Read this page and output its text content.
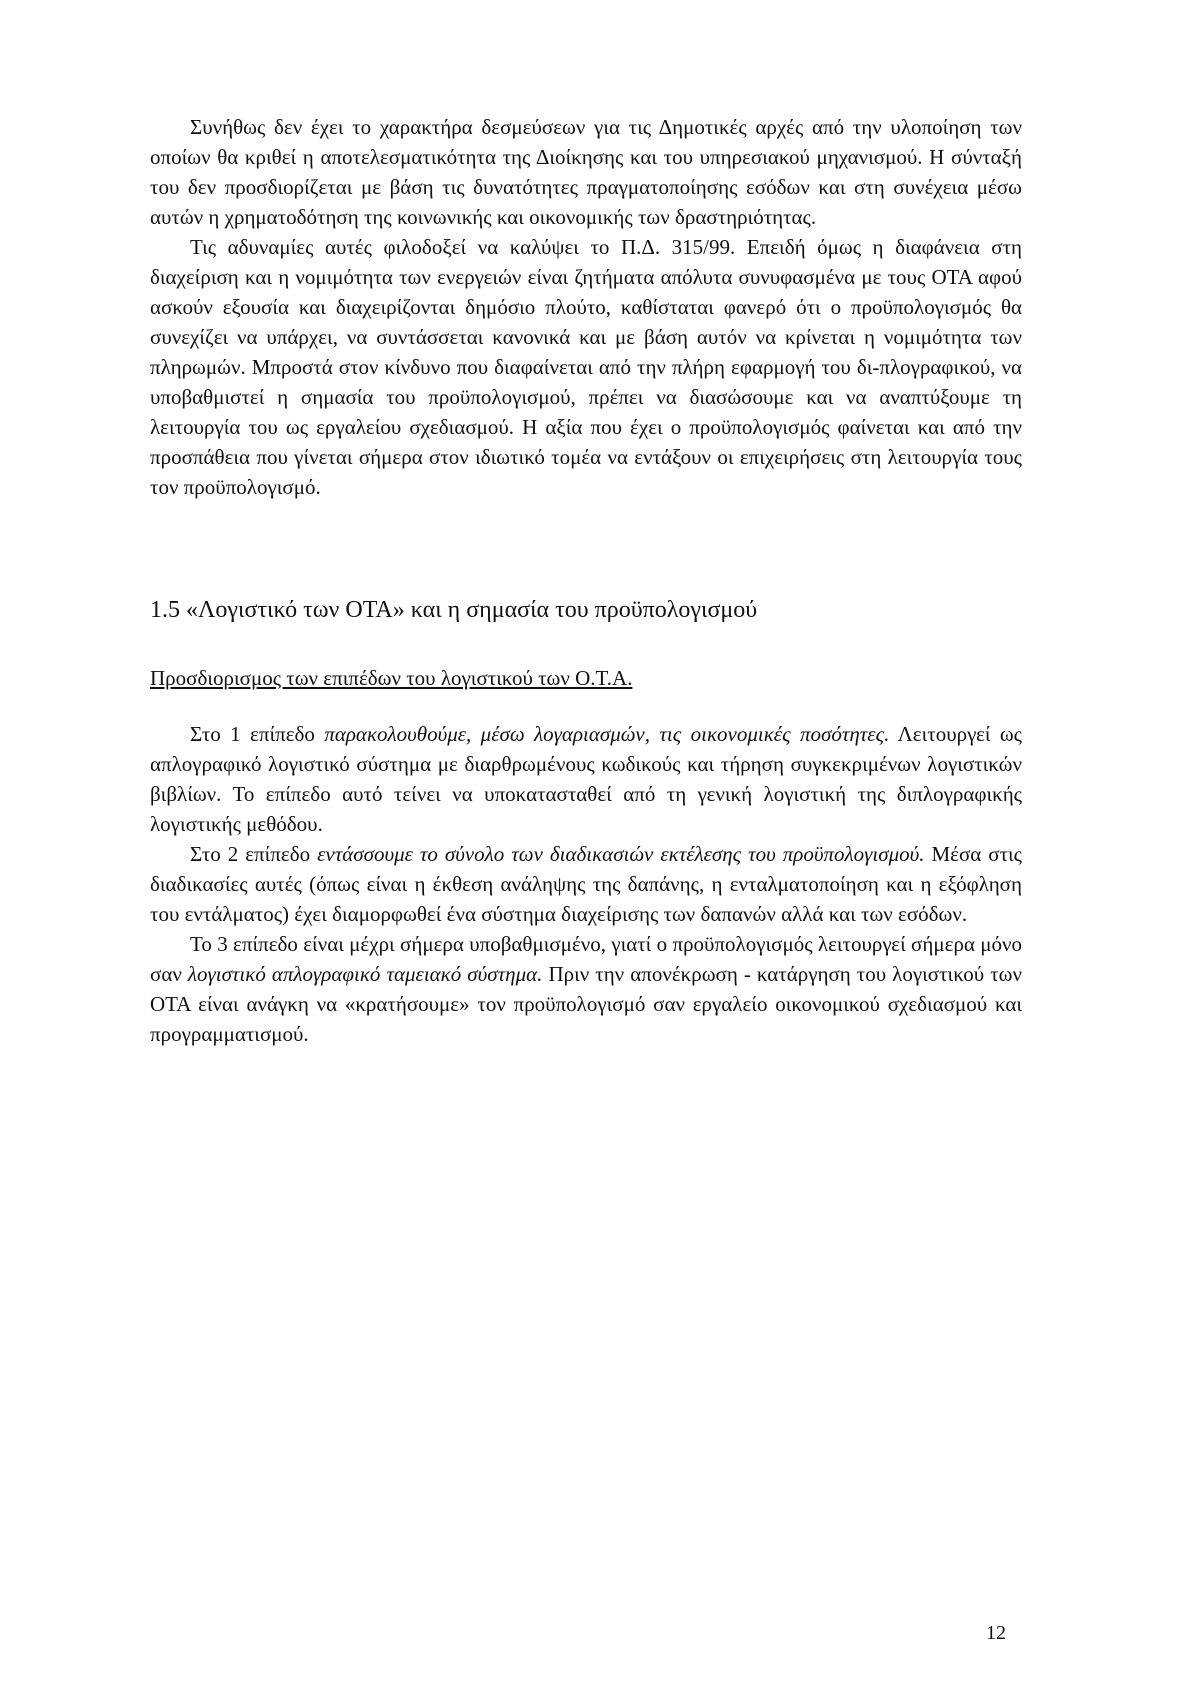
Συνήθως δεν έχει το χαρακτήρα δεσμεύσεων για τις Δημοτικές αρχές από την υλοποίηση των οποίων θα κριθεί η αποτελεσματικότητα της Διοίκησης και του υπηρεσιακού μηχανισμού. Η σύνταξή του δεν προσδιορίζεται με βάση τις δυνατότητες πραγματοποίησης εσόδων και στη συνέχεια μέσω αυτών η χρηματοδότηση της κοινωνικής και οικονομικής των δραστηριότητας.

Τις αδυναμίες αυτές φιλοδοξεί να καλύψει το Π.Δ. 315/99. Επειδή όμως η διαφάνεια στη διαχείριση και η νομιμότητα των ενεργειών είναι ζητήματα απόλυτα συνυφασμένα με τους ΟΤΑ αφού ασκούν εξουσία και διαχειρίζονται δημόσιο πλούτο, καθίσταται φανερό ότι ο προϋπολογισμός θα συνεχίζει να υπάρχει, να συντάσσεται κανονικά και με βάση αυτόν να κρίνεται η νομιμότητα των πληρωμών. Μπροστά στον κίνδυνο που διαφαίνεται από την πλήρη εφαρμογή του δι-πλογραφικού, να υποβαθμιστεί η σημασία του προϋπολογισμού, πρέπει να διασώσουμε και να αναπτύξουμε τη λειτουργία του ως εργαλείου σχεδιασμού. Η αξία που έχει ο προϋπολογισμός φαίνεται και από την προσπάθεια που γίνεται σήμερα στον ιδιωτικό τομέα να εντάξουν οι επιχειρήσεις στη λειτουργία τους τον προϋπολογισμό.

1.5 «Λογιστικό των ΟΤΑ» και η σημασία του προϋπολογισμού

Προσδιορισμος των επιπέδων του λογιστικού των Ο.Τ.Α.

Στο 1 επίπεδο παρακολουθούμε, μέσω λογαριασμών, τις οικονομικές ποσότητες. Λειτουργεί ως απλογραφικό λογιστικό σύστημα με διαρθρωμένους κωδικούς και τήρηση συγκεκριμένων λογιστικών βιβλίων. Το επίπεδο αυτό τείνει να υποκατασταθεί από τη γενική λογιστική της διπλογραφικής λογιστικής μεθόδου.

Στο 2 επίπεδο εντάσσουμε το σύνολο των διαδικασιών εκτέλεσης του προϋπολογισμού. Μέσα στις διαδικασίες αυτές (όπως είναι η έκθεση ανάληψης της δαπάνης, η ενταλματοποίηση και η εξόφληση του εντάλματος) έχει διαμορφωθεί ένα σύστημα διαχείρισης των δαπανών αλλά και των εσόδων.

Το 3 επίπεδο είναι μέχρι σήμερα υποβαθμισμένο, γιατί ο προϋπολογισμός λειτουργεί σήμερα μόνο σαν λογιστικό απλογραφικό ταμειακό σύστημα. Πριν την απονέκρωση - κατάργηση του λογιστικού των ΟΤΑ είναι ανάγκη να «κρατήσουμε» τον προϋπολογισμό σαν εργαλείο οικονομικού σχεδιασμού και προγραμματισμού.

12
